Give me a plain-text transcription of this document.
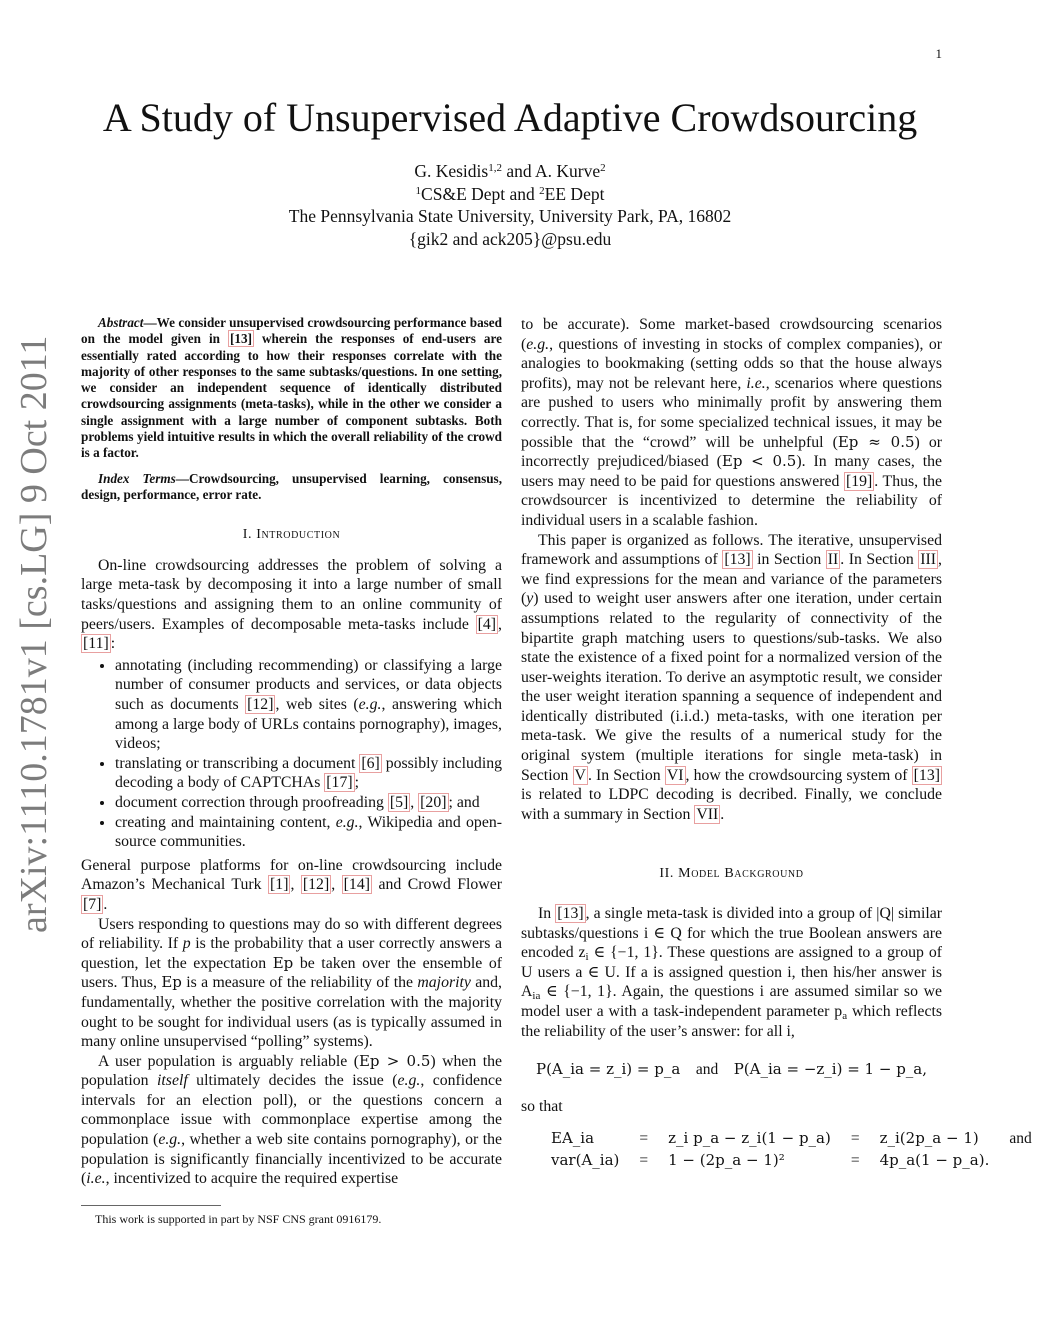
1
arXiv:1110.1781v1 [cs.LG] 9 Oct 2011
A Study of Unsupervised Adaptive Crowdsourcing
G. Kesidis$^{1,2}$ and A. Kurve$^2$
$^1$CS&E Dept and $^2$EE Dept
The Pennsylvania State University, University Park, PA, 16802
{gik2 and ack205}@psu.edu

Abstract—We consider unsupervised crowdsourcing performance based on the model given in [13] wherein the responses of end-users are essentially rated according to how their responses correlate with the majority of other responses to the same subtasks/questions. In one setting, we consider an independent sequence of identically distributed crowdsourcing assignments (meta-tasks), while in the other we consider a single assignment with a large number of component subtasks. Both problems yield intuitive results in which the overall reliability of the crowd is a factor.

Index Terms—Crowdsourcing, unsupervised learning, consensus, design, performance, error rate.

I. Introduction

On-line crowdsourcing addresses the problem of solving a large meta-task by decomposing it into a large number of small tasks/questions and assigning them to an online community of peers/users. Examples of decomposable meta-tasks include [4] , [11] :

• annotating (including recommending) or classifying a large number of consumer products and services, or data objects such as documents [12] , web sites (e.g., answering which among a large body of URLs contains pornography), images, videos;
• translating or transcribing a document [6] possibly including decoding a body of CAPTCHAs [17] ;
• document correction through proofreading [5] , [20] ; and
• creating and maintaining content, e.g., Wikipedia and open-source communities.

General purpose platforms for on-line crowdsourcing include Amazon’s Mechanical Turk [1] , [12] , [14] and Crowd Flower [7] .

Users responding to questions may do so with different degrees of reliability. If p is the probability that a user correctly answers a question, let the expectation Ep be taken over the ensemble of users. Thus, Ep is a measure of the reliability of the majority and, fundamentally, whether the positive correlation with the majority ought to be sought for individual users (as is typically assumed in many online unsupervised “polling” systems).

A user population is arguably reliable (Ep > 0.5) when the population itself ultimately decides the issue (e.g., confidence intervals for an election poll), or the questions concern a commonplace issue with commonplace expertise among the population (e.g., whether a web site contains pornography), or the population is significantly financially incentivized to be accurate (i.e., incentivized to acquire the required expertise

This work is supported in part by NSF CNS grant 0916179.

to be accurate). Some market-based crowdsourcing scenarios (e.g., questions of investing in stocks of complex companies), or analogies to bookmaking (setting odds so that the house always profits), may not be relevant here, i.e., scenarios where questions are pushed to users who minimally profit by answering them correctly. That is, for some specialized technical issues, it may be possible that the “crowd” will be unhelpful (Ep ≈ 0.5) or incorrectly prejudiced/biased (Ep < 0.5). In many cases, the users may need to be paid for questions answered [19] . Thus, the crowdsourcer is incentivized to determine the reliability of individual users in a scalable fashion.

This paper is organized as follows. The iterative, unsupervised framework and assumptions of [13] in Section II . In Section III , we find expressions for the mean and variance of the parameters (y) used to weight user answers after one iteration, under certain assumptions related to the regularity of connectivity of the bipartite graph matching users to questions/sub-tasks. We also state the existence of a fixed point for a normalized version of the user-weights iteration. To derive an asymptotic result, we consider the user weight iteration spanning a sequence of independent and identically distributed (i.i.d.) meta-tasks, with one iteration per meta-task. We give the results of a numerical study for the original system (multiple iterations for single meta-task) in Section V . In Section VI , how the crowdsourcing system of [13] is related to LDPC decoding is decribed. Finally, we conclude with a summary in Section VII .

II. Model Background

In [13] , a single meta-task is divided into a group of |Q| similar subtasks/questions i ∈ Q for which the true Boolean answers are encoded $z_i$ ∈ {−1, 1}. These questions are assigned to a group of U users a ∈ U. If a is assigned question i, then his/her answer is $A_{ia}$ ∈ {−1, 1}. Again, the questions i are assumed similar so we model user a with a task-independent parameter $p_a$ which reflects the reliability of the user’s answer: for all i,

P(A_ia = z_i) = p_a and P(A_ia = −z_i) = 1 − p_a,

so that

EA_ia	=	z_i p_a − z_i(1 − p_a)	=	z_i(2p_a − 1)	and
var(A_ia)	=	1 − (2p_a − 1)²	=	4p_a(1 − p_a).	
